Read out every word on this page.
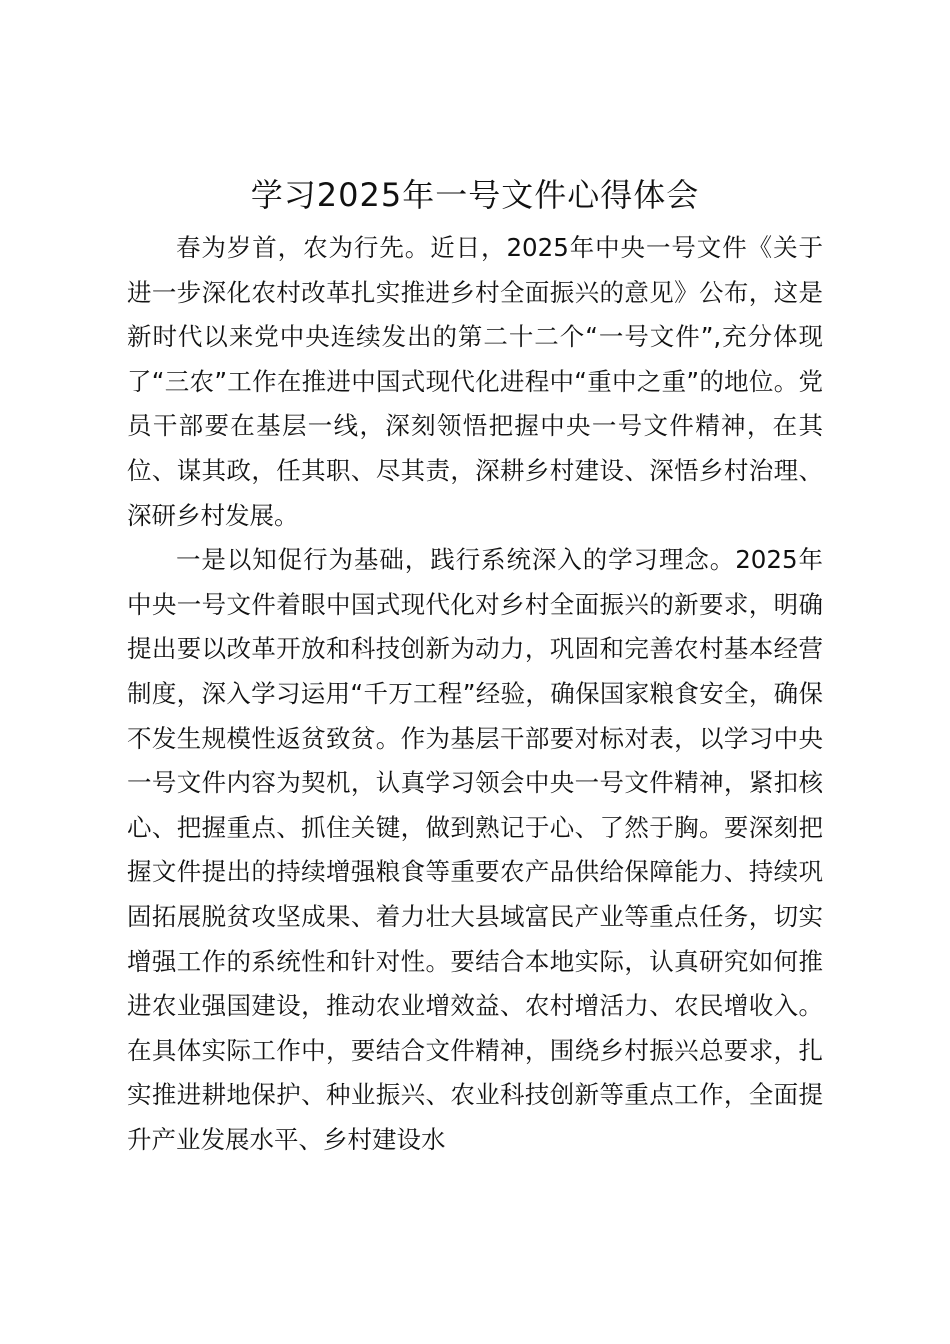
学习2025年一号文件心得体会

春为岁首，农为行先。近日，2025年中央一号文件《关于进一步深化农村改革扎实推进乡村全面振兴的意见》公布，这是新时代以来党中央连续发出的第二十二个“一号文件”,充分体现了“三农”工作在推进中国式现代化进程中“重中之重”的地位。党员干部要在基层一线，深刻领悟把握中央一号文件精神，在其位、谋其政，任其职、尽其责，深耕乡村建设、深悟乡村治理、深研乡村发展。

一是以知促行为基础，践行系统深入的学习理念。2025年中央一号文件着眼中国式现代化对乡村全面振兴的新要求，明确提出要以改革开放和科技创新为动力，巩固和完善农村基本经营制度，深入学习运用“千万工程”经验，确保国家粮食安全，确保不发生规模性返贫致贫。作为基层干部要对标对表，以学习中央一号文件内容为契机，认真学习领会中央一号文件精神，紧扣核心、把握重点、抓住关键，做到熟记于心、了然于胸。要深刻把握文件提出的持续增强粮食等重要农产品供给保障能力、持续巩固拓展脱贫攻坚成果、着力壮大县域富民产业等重点任务，切实增强工作的系统性和针对性。要结合本地实际，认真研究如何推进农业强国建设，推动农业增效益、农村增活力、农民增收入。在具体实际工作中，要结合文件精神，围绕乡村振兴总要求，扎实推进耕地保护、种业振兴、农业科技创新等重点工作，全面提升产业发展水平、乡村建设水
